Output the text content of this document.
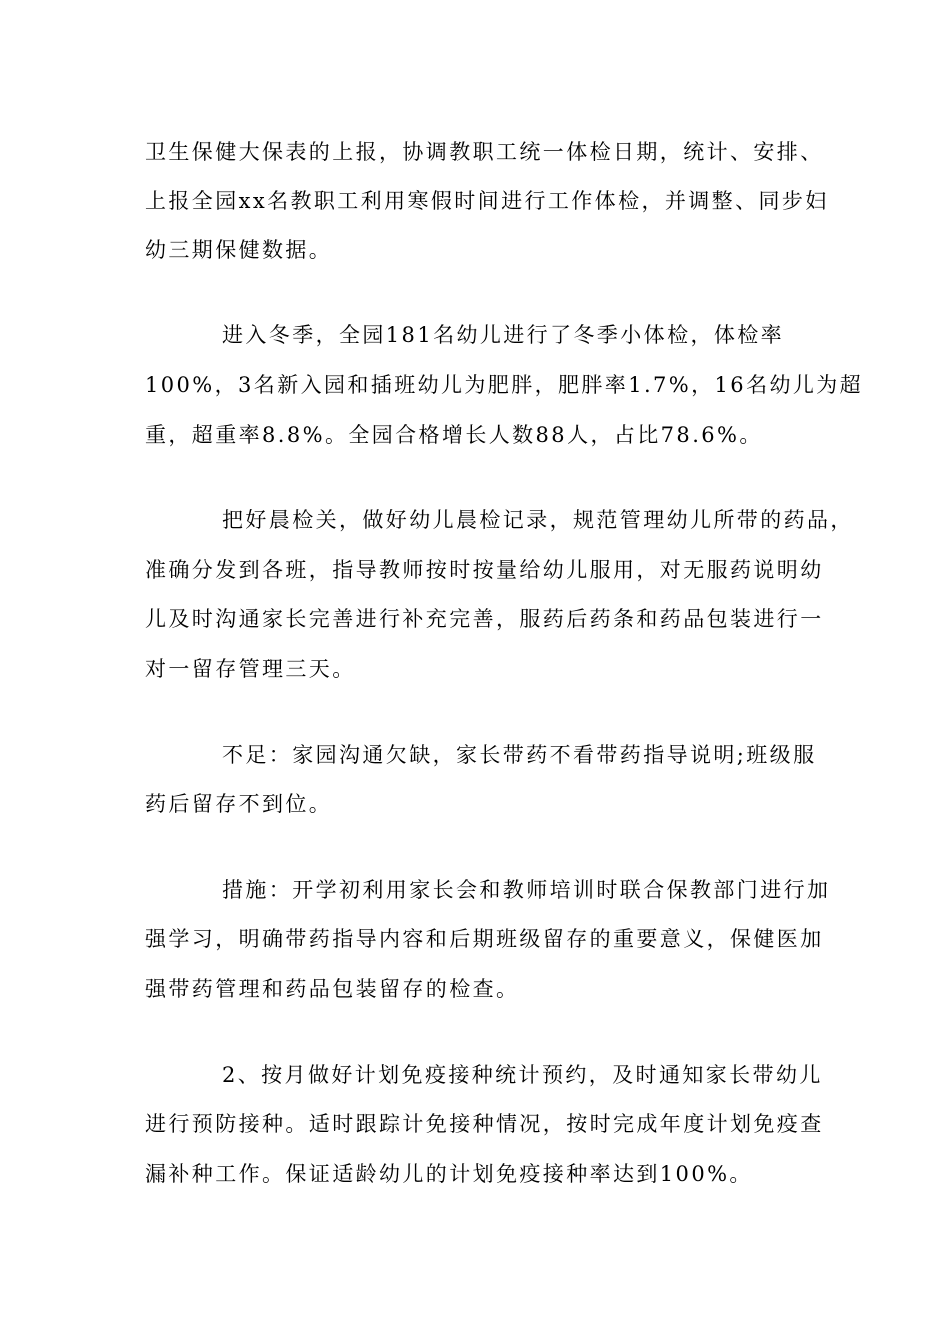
卫生保健大保表的上报，协调教职工统一体检日期，统计、安排、
上报全园xx名教职工利用寒假时间进行工作体检，并调整、同步妇
幼三期保健数据。
进入冬季，全园181名幼儿进行了冬季小体检，体检率
100%，3名新入园和插班幼儿为肥胖，肥胖率1.7%，16名幼儿为超
重，超重率8.8%。全园合格增长人数88人，占比78.6%。
把好晨检关，做好幼儿晨检记录，规范管理幼儿所带的药品，
准确分发到各班，指导教师按时按量给幼儿服用，对无服药说明幼
儿及时沟通家长完善进行补充完善，服药后药条和药品包装进行一
对一留存管理三天。
不足：家园沟通欠缺，家长带药不看带药指导说明;班级服
药后留存不到位。
措施：开学初利用家长会和教师培训时联合保教部门进行加
强学习，明确带药指导内容和后期班级留存的重要意义，保健医加
强带药管理和药品包装留存的检查。
2、按月做好计划免疫接种统计预约，及时通知家长带幼儿
进行预防接种。适时跟踪计免接种情况，按时完成年度计划免疫查
漏补种工作。保证适龄幼儿的计划免疫接种率达到100%。
